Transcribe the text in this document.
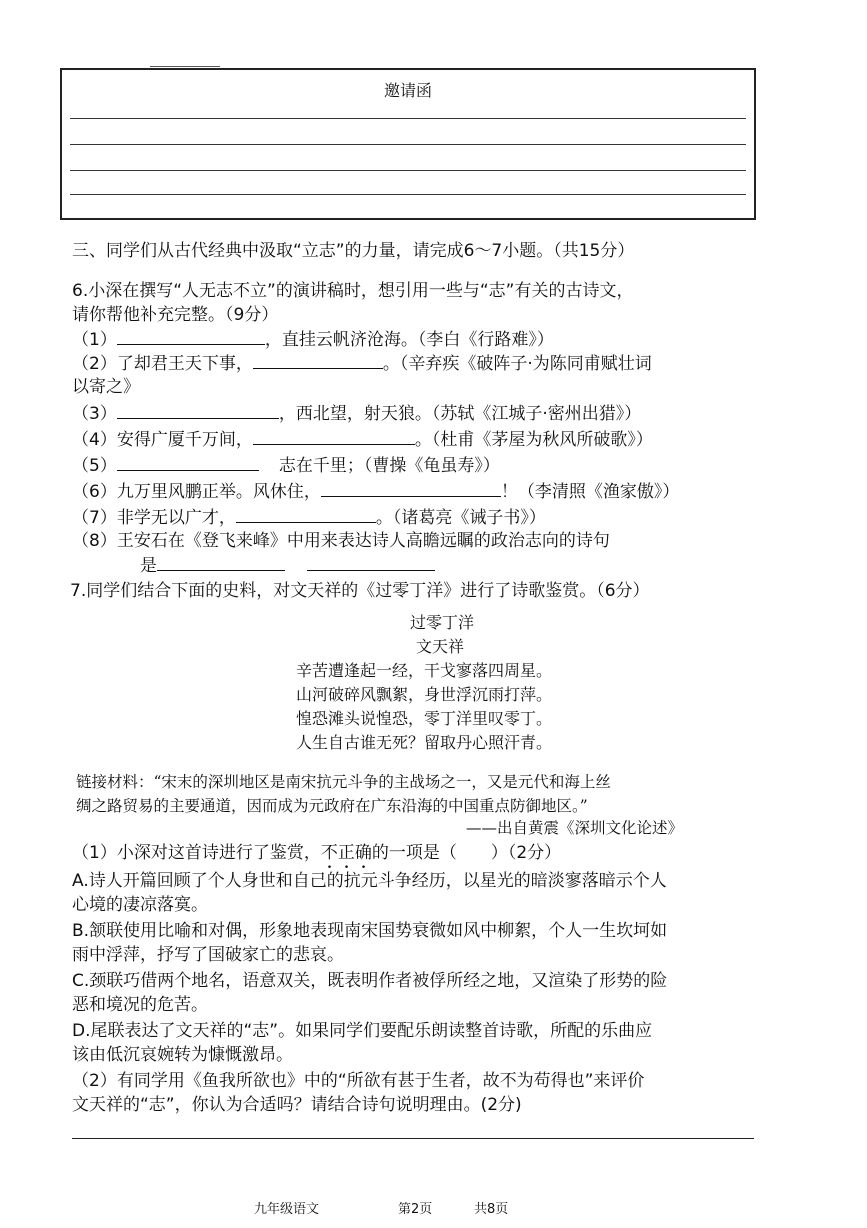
邀请函
三、同学们从古代经典中汲取“立志”的力量，请完成6～7小题。（共15分）
6.小深在撰写“人无志不立”的演讲稿时，想引用一些与“志”有关的古诗文，
请你帮他补充完整。（9分）
（1）	，直挂云帆济沧海。（李白《行路难》）
（2）了却君王天下事，	。（辛弃疾《破阵子·为陈同甫赋壮词
以寄之》
（3）	，西北望，射天狼。（苏轼《江城子·密州出猎》）
（4）安得广厦千万间，	。（杜甫《茅屋为秋风所破歌》）
（5）	志在千里；（曹操《龟虽寿》）
（6）九万里风鹏正举。风休住，	！（李清照《渔家傲》）
（7）非学无以广才，	。（诸葛亮《诫子书》）
（8）王安石在《登飞来峰》中用来表达诗人高瞻远瞩的政治志向的诗句
是
7.同学们结合下面的史料，对文天祥的《过零丁洋》进行了诗歌鉴赏。（6分）
过零丁洋
文天祥
辛苦遭逢起一经，干戈寥落四周星。
山河破碎风飘絮，身世浮沉雨打萍。
惶恐滩头说惶恐，零丁洋里叹零丁。
人生自古谁无死？留取丹心照汗青。
链接材料：“宋末的深圳地区是南宋抗元斗争的主战场之一，又是元代和海上丝
绸之路贸易的主要通道，因而成为元政府在广东沿海的中国重点防御地区。”
——出自黄震《深圳文化论述》
（1）小深对这首诗进行了鉴赏，不正确的一项是（　　）（2分）
A.诗人开篇回顾了个人身世和自己的抗元斗争经历，以星光的暗淡寥落暗示个人
心境的凄凉落寞。
B.颔联使用比喻和对偶，形象地表现南宋国势衰微如风中柳絮，个人一生坎坷如
雨中浮萍，抒写了国破家亡的悲哀。
C.颈联巧借两个地名，语意双关，既表明作者被俘所经之地，又渲染了形势的险
恶和境况的危苦。
D.尾联表达了文天祥的“志”。如果同学们要配乐朗读整首诗歌，所配的乐曲应
该由低沉哀婉转为慷慨激昂。
（2）有同学用《鱼我所欲也》中的“所欲有甚于生者，故不为苟得也”来评价
文天祥的“志”，你认为合适吗？请结合诗句说明理由。(2分)
九年级语文	第2页	共8页
